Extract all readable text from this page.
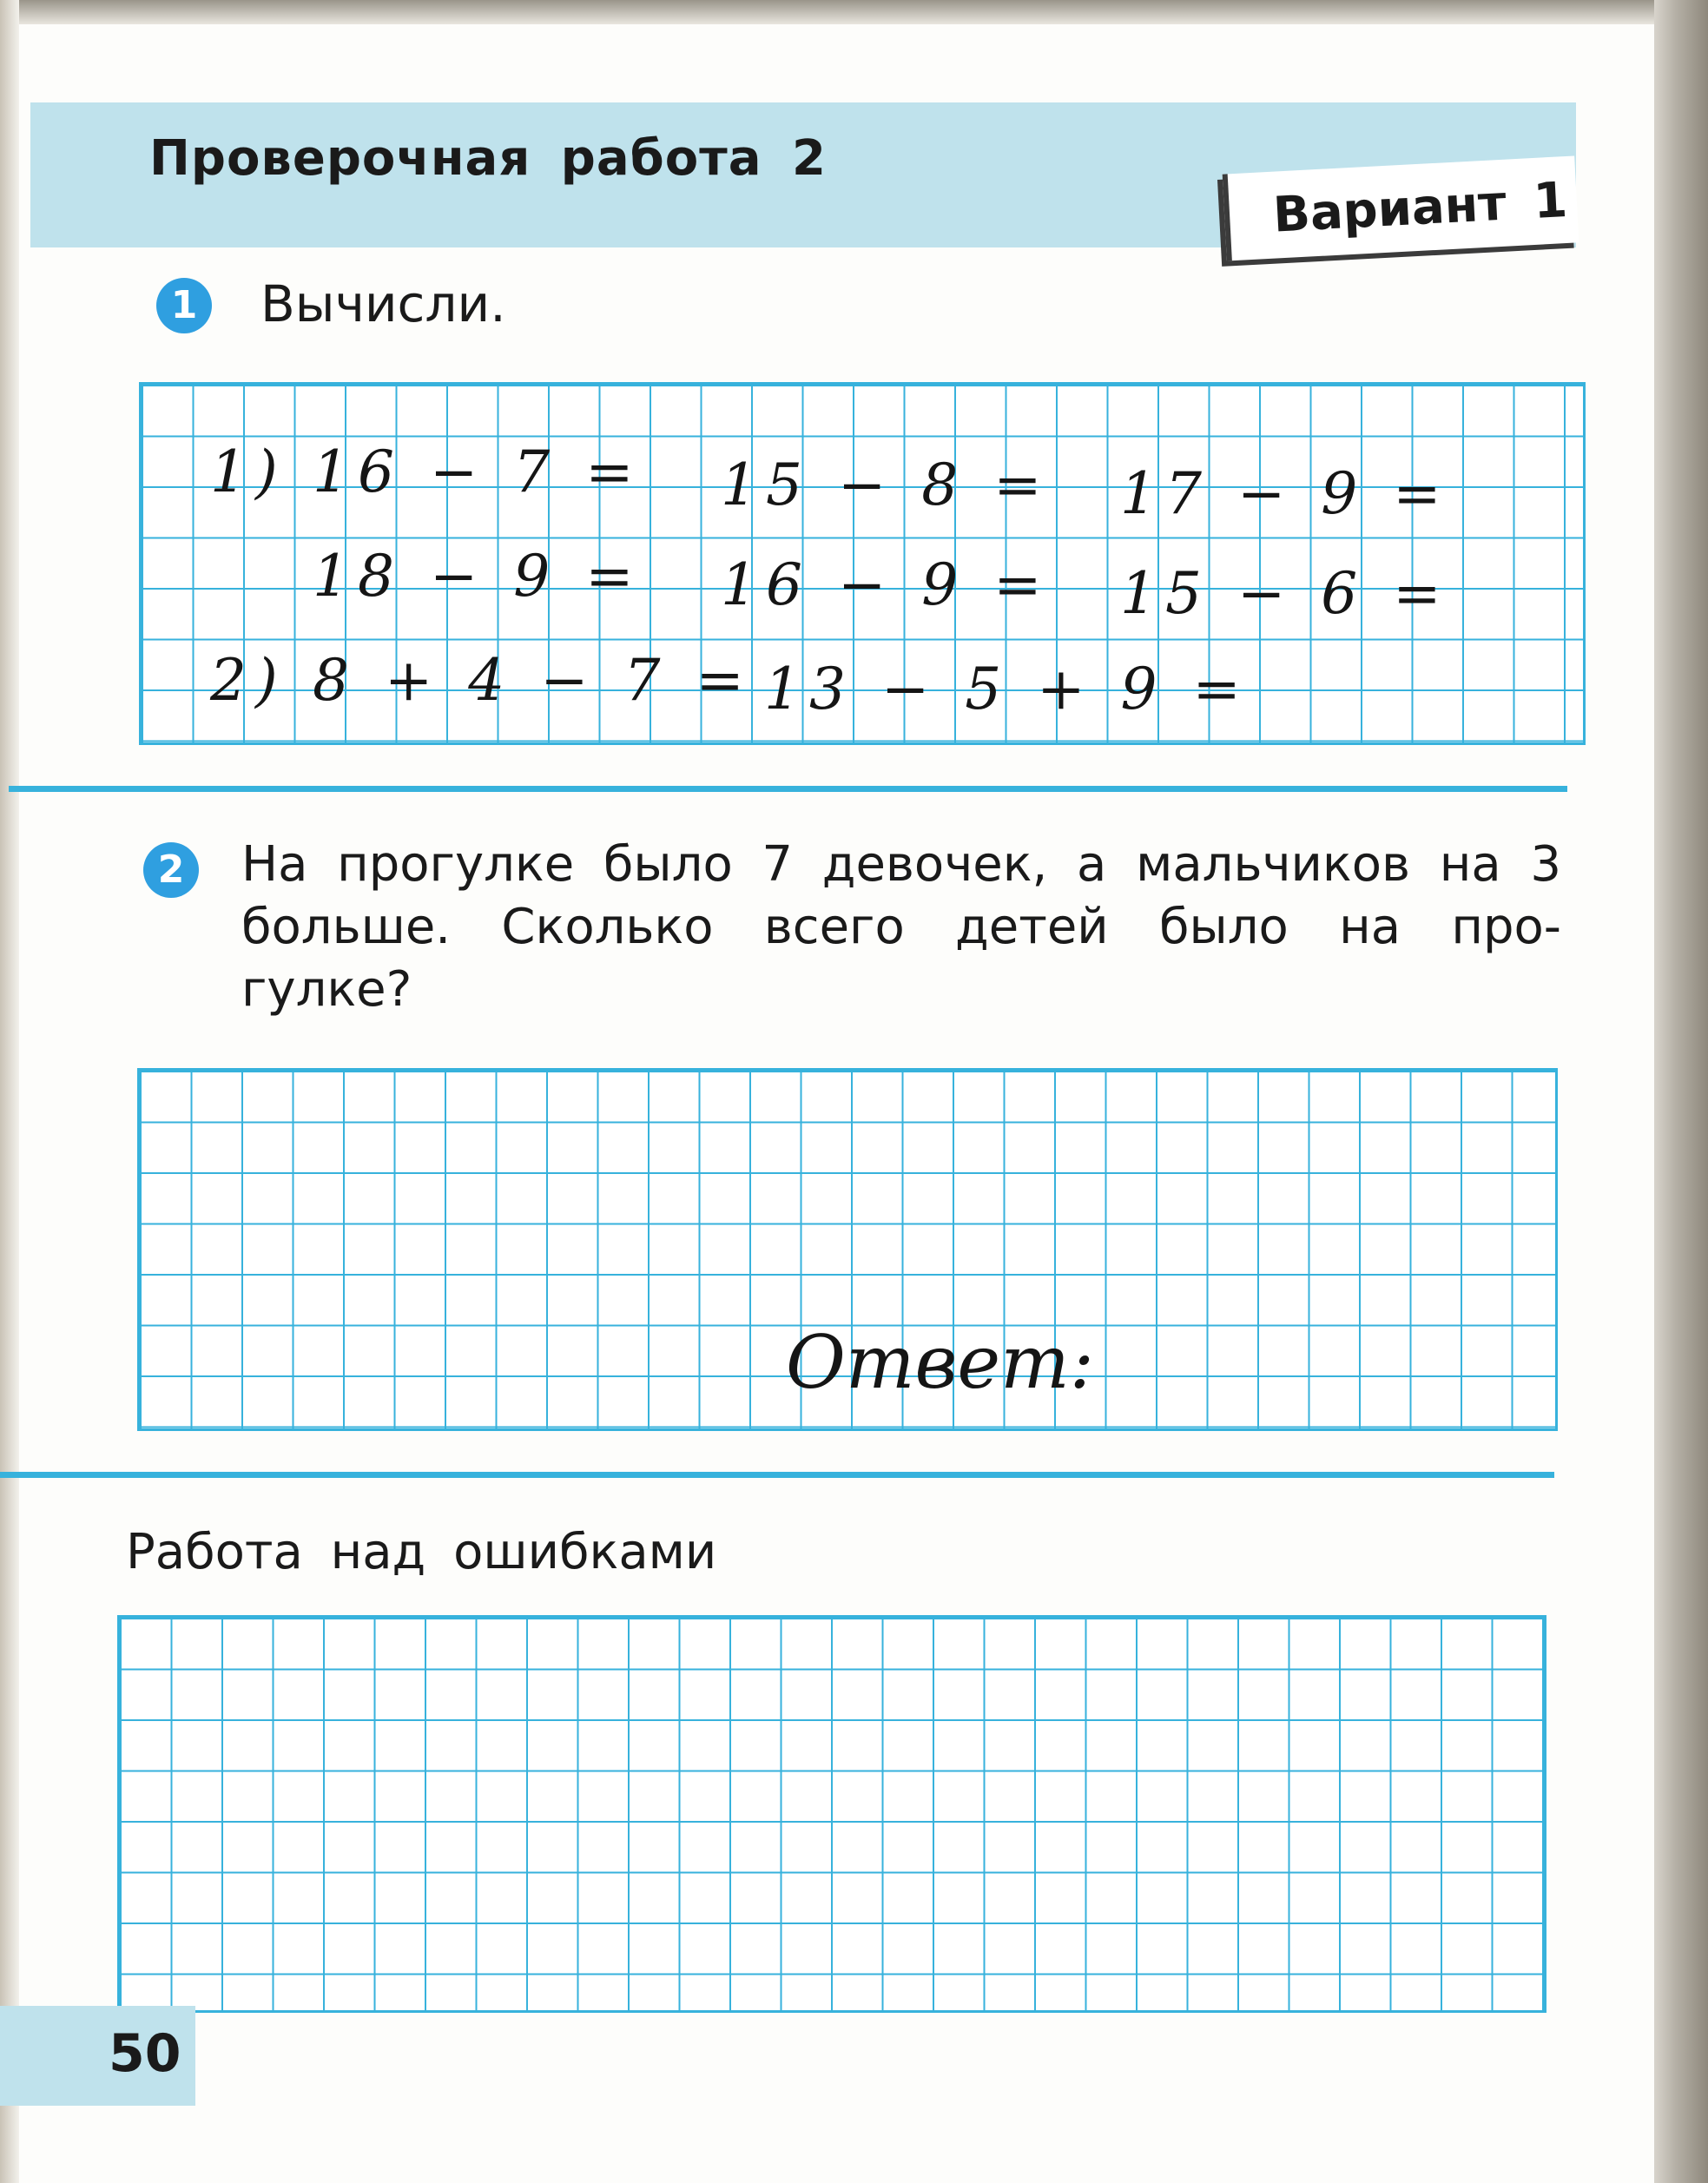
Проверочная работа 2
Вариант 1
1 Вычисли.

1) 16 − 7 = 15 − 8 = 17 − 9 =

18 − 9 = 16 − 9 = 15 − 6 =

2) 8 + 4 − 7 = 13 − 5 + 9 =

2 На прогулке было 7 девочек, а мальчиков на 3 больше. Сколько всего детей было на про- гулке?

Ответ:

Работа над ошибками

50
